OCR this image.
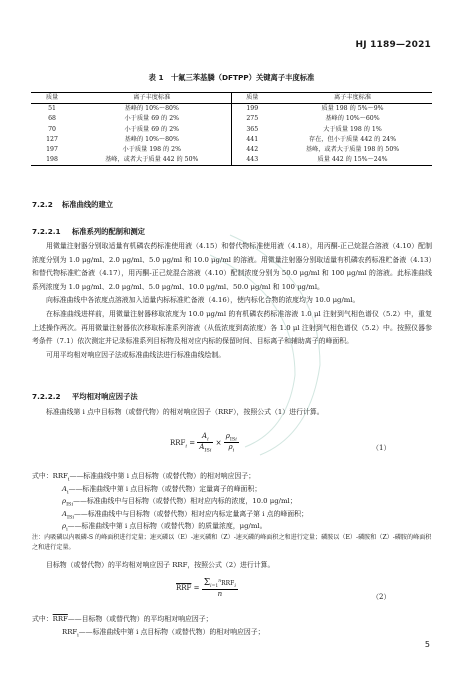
HJ 1189—2021
表 1　十氟三苯基膦（DFTPP）关键离子丰度标准
质量	离子丰度标准	质量	离子丰度标准
51	基峰的 10%～80%	199	质量 198 的 5%～9%
68	小于质量 69 的 2%	275	基峰的 10%～60%
70	小于质量 69 的 2%	365	大于质量 198 的 1%
127	基峰的 10%～80%	441	存在，但小于质量 442 的 24%
197	小于质量 198 的 2%	442	基峰，或者大于质量 198 的 50%
198	基峰，或者大于质量 442 的 50%	443	质量 442 的 15%～24%
7.2.2 标准曲线的建立
7.2.2.1 标准系列的配制和测定

用微量注射器分别取适量有机磷农药标准使用液（4.15）和替代物标准使用液（4.18），用丙酮-正己烷混合溶液（4.10）配制浓度分别为 1.0 μg/ml、2.0 μg/ml、5.0 μg/ml 和 10.0 μg/ml 的溶液。用微量注射器分别取适量有机磷农药标准贮备液（4.13）和替代物标准贮备液（4.17），用丙酮-正己烷混合溶液（4.10）配制浓度分别为 50.0 μg/ml 和 100 μg/ml 的溶液。此标准曲线系列浓度为 1.0 μg/ml、2.0 μg/ml、5.0 μg/ml、10.0 μg/ml、50.0 μg/ml 和 100 μg/ml。

向标准曲线中各浓度点溶液加入适量内标标准贮备液（4.16），使内标化合物的浓度均为 10.0 μg/ml。

在标准曲线进样前，用微量注射器移取浓度为 10.0 μg/ml 的有机磷农药标准溶液 1.0 μl 注射到气相色谱仪（5.2）中，重复上述操作两次。再用微量注射器依次移取标准系列溶液（从低浓度到高浓度）各 1.0 μl 注射到气相色谱仪（5.2）中。按照仪器参考条件（7.1）依次测定并记录标准系列目标物及相对应内标的保留时间、目标离子和辅助离子的峰面积。

可用平均相对响应因子法或标准曲线法进行标准曲线绘制。

7.2.2.2 平均相对响应因子法

标准曲线第 i 点中目标物（或替代物）的相对响应因子（RRF），按照公式（1）进行计算。

$RRF_i = \frac{A_i}{A_{ISi}} \times \frac{\rho_{ISi}}{\rho_i}$	（1）
式中：$RRF_i——$标准曲线中第 i 点目标物（或替代物）的相对响应因子；
$A_i——$标准曲线中第 i 点目标物（或替代物）定量离子的峰面积；
$\rho_{ISi}——$标准曲线中与目标物（或替代物）相对应内标的浓度，10.0 μg/ml；
$A_{ISi}——$标准曲线中与目标物（或替代物）相对应内标定量离子第 i 点的峰面积；
$\rho_i——$标准曲线中第 i 点目标物（或替代物）的质量浓度，μg/ml。
注：内吸磷以内吸磷-S 的峰面积进行定量；速灭磷以（E）-速灭磷和（Z）-速灭磷的峰面积之和进行定量；磷胺以（E）-磷胺和（Z）-磷胺的峰面积之和进行定量。

目标物（或替代物）的平均相对响应因子 RRF，按照公式（2）进行计算。

$\overline{RRF} = \frac{\Sigma_{i=1}^nRRF_i}{n}$	（2）
式中：$\overline{RRF}——$目标物（或替代物）的平均相对响应因子；
$RRF_i——$标准曲线中第 i 点目标物（或替代物）的相对响应因子；
5
